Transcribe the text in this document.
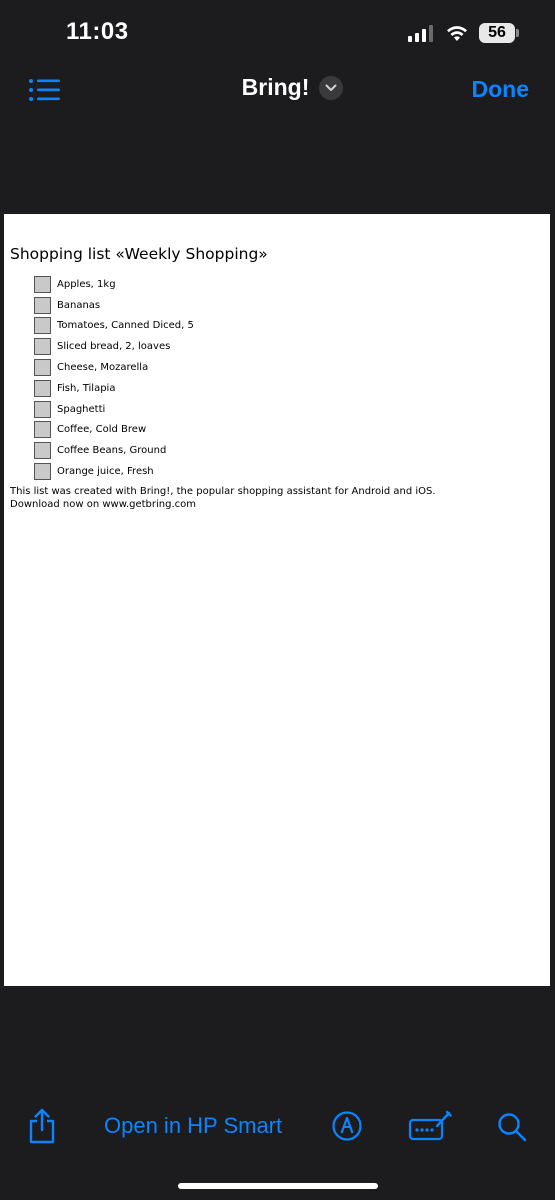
11:03	56
Bring!	Done
Shopping list «Weekly Shopping»
Apples, 1kg
Bananas
Tomatoes, Canned Diced, 5
Sliced bread, 2, loaves
Cheese, Mozarella
Fish, Tilapia
Spaghetti
Coffee, Cold Brew
Coffee Beans, Ground
Orange juice, Fresh
This list was created with Bring!, the popular shopping assistant for Android and iOS.
Download now on www.getbring.com
Open in HP Smart
